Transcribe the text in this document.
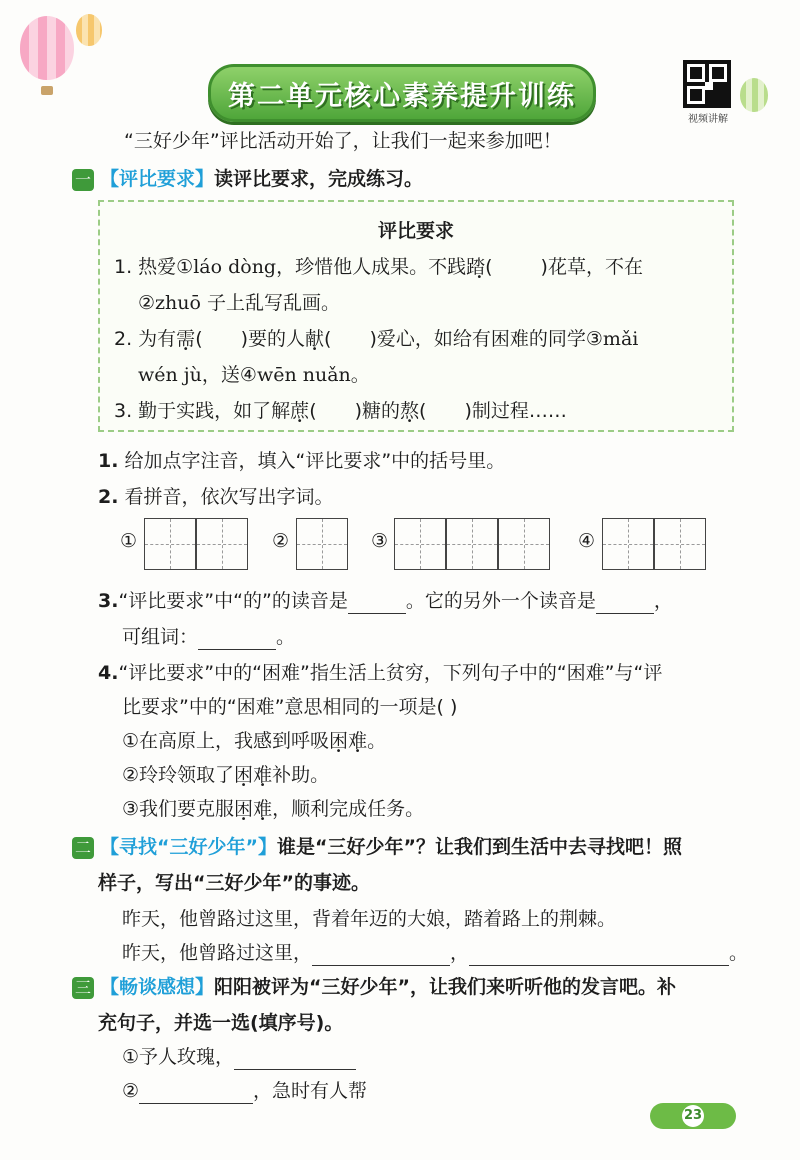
第二单元核心素养提升训练
视频讲解
“三好少年”评比活动开始了，让我们一起来参加吧！
一 【评比要求】读评比要求，完成练习。
评比要求
1. 热爱①láo dòng，珍惜他人成果。不践踏( •	)花草，不在
②zhuō 子上乱写乱画。
2. 为有需( )要的人献( )爱心，如给有困难的同学③mǎi
wén jù，送④wēn nuǎn。
3. 勤于实践，如了解蔗( )糖的熬( )制过程……
1. 给加点字注音，填入“评比要求”中的括号里。
2. 看拼音，依次写出字词。
①	②	③	④
3.“评比要求”中“的”的读音是	。它的另外一个读音是	，
可组词：	。
4.“评比要求”中的“困难”指生活上贫穷，下列句子中的“困难”与“评
比要求”中的“困难”意思相同的一项是( )
①在高原上，我感到呼吸困难。
②玲玲领取了困难补助。
③我们要克服困难，顺利完成任务。
二 【寻找“三好少年”】谁是“三好少年”？让我们到生活中去寻找吧！照
样子，写出“三好少年”的事迹。
昨天，他曾路过这里，背着年迈的大娘，踏着路上的荆棘。
昨天，他曾路过这里，	，	。
三 【畅谈感想】阳阳被评为“三好少年”，让我们来听听他的发言吧。补
充句子，并选一选(填序号)。
①予人玫瑰，
②	，急时有人帮
23
